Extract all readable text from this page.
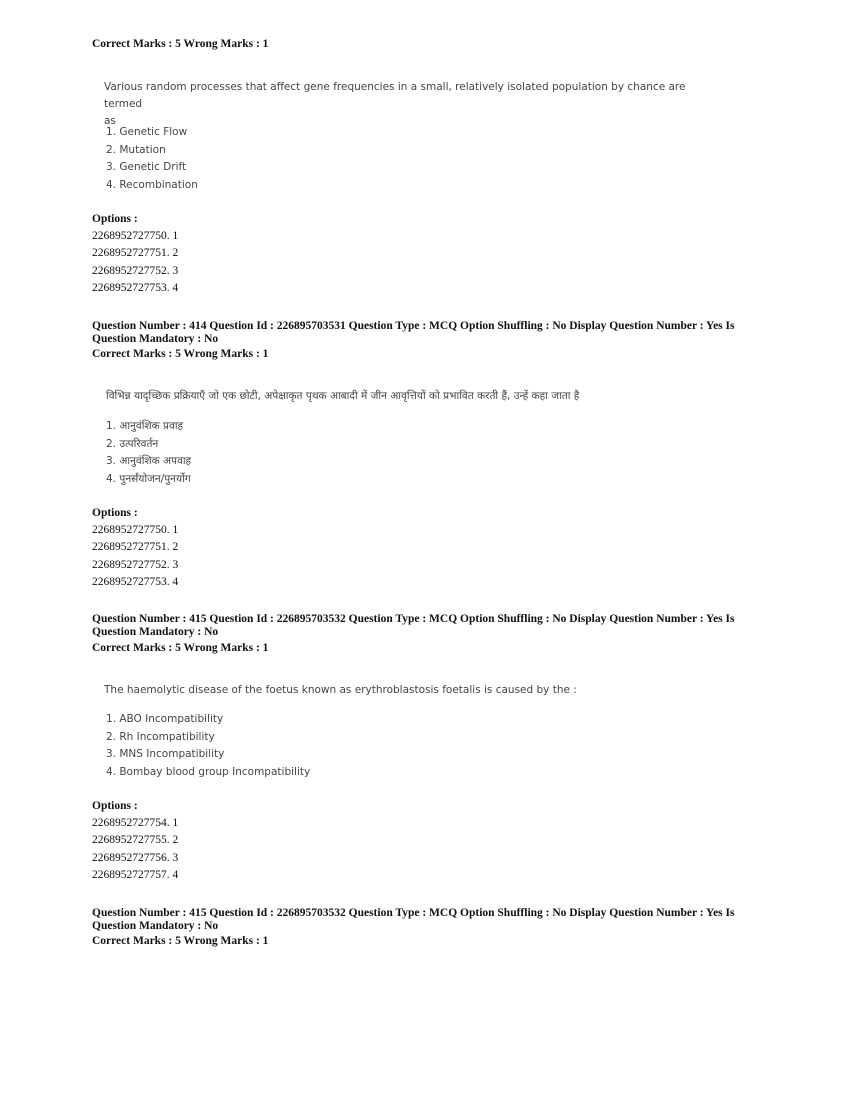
Correct Marks : 5 Wrong Marks : 1
Various random processes that affect gene frequencies in a small, relatively isolated population by chance are termed
as
1. Genetic Flow
2. Mutation
3. Genetic Drift
4. Recombination
Options :
2268952727750. 1
2268952727751. 2
2268952727752. 3
2268952727753. 4
Question Number : 414 Question Id : 226895703531 Question Type : MCQ Option Shuffling : No Display Question Number : Yes Is
Question Mandatory : No
Correct Marks : 5 Wrong Marks : 1
विभिन्न यादृच्छिक प्रक्रियाएँ जो एक छोटी, अपेक्षाकृत पृथक आबादी में जीन आवृत्तियों को प्रभावित करती हैं, उन्हें कहा जाता है
1. आनुवंशिक प्रवाह
2. उत्परिवर्तन
3. आनुवंशिक अपवाह
4. पुनर्संयोजन/पुनर्योग
Options :
2268952727750. 1
2268952727751. 2
2268952727752. 3
2268952727753. 4
Question Number : 415 Question Id : 226895703532 Question Type : MCQ Option Shuffling : No Display Question Number : Yes Is
Question Mandatory : No
Correct Marks : 5 Wrong Marks : 1
The haemolytic disease of the foetus known as erythroblastosis foetalis is caused by the :
1. ABO Incompatibility
2. Rh Incompatibility
3. MNS Incompatibility
4. Bombay blood group Incompatibility
Options :
2268952727754. 1
2268952727755. 2
2268952727756. 3
2268952727757. 4
Question Number : 415 Question Id : 226895703532 Question Type : MCQ Option Shuffling : No Display Question Number : Yes Is
Question Mandatory : No
Correct Marks : 5 Wrong Marks : 1
